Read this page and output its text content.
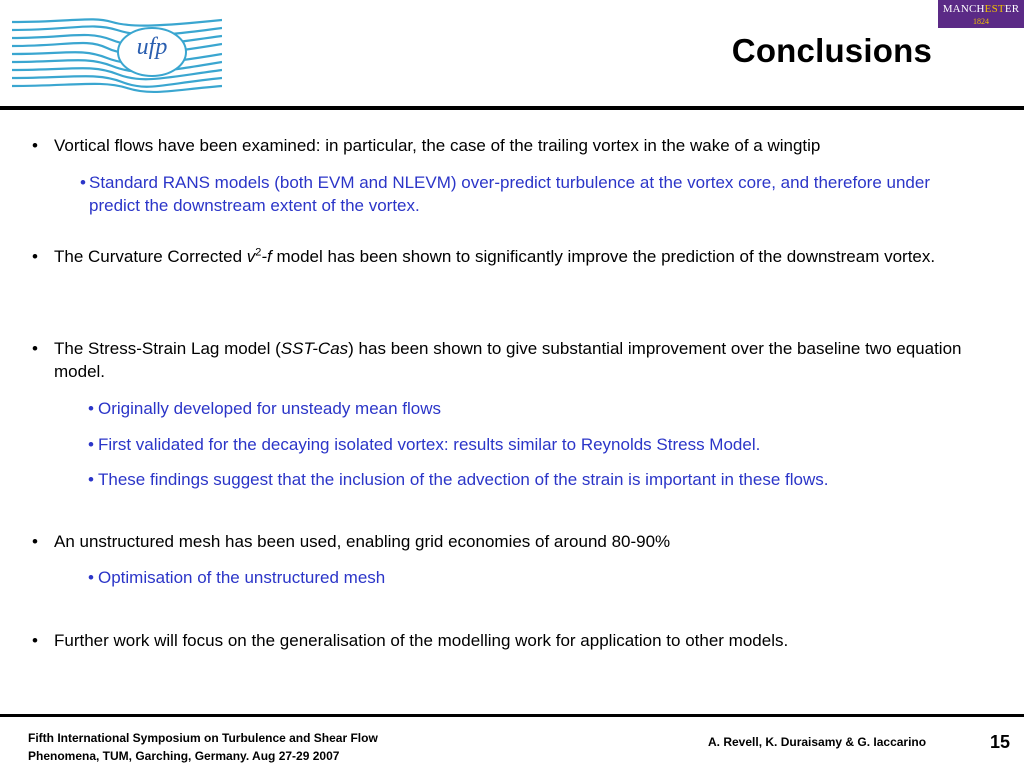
ufp
MANCHESTER
1824
Conclusions
• Vortical flows have been examined: in particular, the case of the trailing vortex in the wake of a wingtip
• Standard RANS models (both EVM and NLEVM) over-predict turbulence at the vortex core, and therefore under predict the downstream extent of the vortex.
• The Curvature Corrected $v^2-f$ model has been shown to significantly improve the prediction of the downstream vortex.
• The Stress-Strain Lag model (SST-Cas) has been shown to give substantial improvement over the baseline two equation model.
• Originally developed for unsteady mean flows
• First validated for the decaying isolated vortex: results similar to Reynolds Stress Model.
• These findings suggest that the inclusion of the advection of the strain is important in these flows.
• An unstructured mesh has been used, enabling grid economies of around 80-90%
• Optimisation of the unstructured mesh
• Further work will focus on the generalisation of the modelling work for application to other models.
Fifth International Symposium on Turbulence and Shear Flow
Phenomena, TUM, Garching, Germany. Aug 27-29 2007
A. Revell, K. Duraisamy & G. Iaccarino	15
